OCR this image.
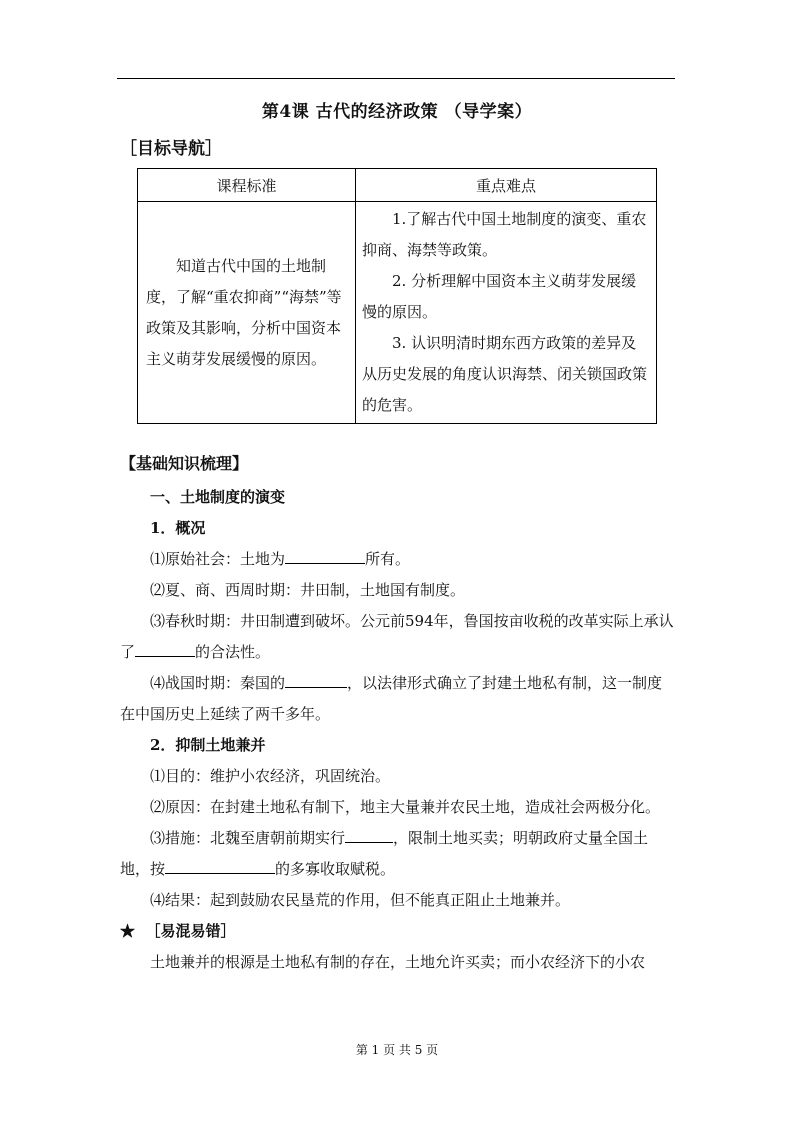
第4课 古代的经济政策 （导学案）
［目标导航］
课程标准	重点难点
知道古代中国的土地制度，了解“重农抑商”“海禁”等政策及其影响，分析中国资本主义萌芽发展缓慢的原因。	1.了解古代中国土地制度的演变、重农抑商、海禁等政策。

2. 分析理解中国资本主义萌芽发展缓慢的原因。

3. 认识明清时期东西方政策的差异及从历史发展的角度认识海禁、闭关锁国政策的危害。

【基础知识梳理】

一、土地制度的演变

1．概况

⑴原始社会：土地为	所有。

⑵夏、商、西周时期：井田制，土地国有制度。

⑶春秋时期：井田制遭到破坏。公元前594年，鲁国按亩收税的改革实际上承认了	的合法性。

⑷战国时期：秦国的	，以法律形式确立了封建土地私有制，这一制度在中国历史上延续了两千多年。

2．抑制土地兼并

⑴目的：维护小农经济，巩固统治。

⑵原因：在封建土地私有制下，地主大量兼并农民土地，造成社会两极分化。

⑶措施：北魏至唐朝前期实行	，限制土地买卖；明朝政府丈量全国土地，按	的多寡收取赋税。

⑷结果：起到鼓励农民垦荒的作用，但不能真正阻止土地兼并。

★ ［易混易错］

土地兼并的根源是土地私有制的存在，土地允许买卖；而小农经济下的小农

第 1 页 共 5 页
